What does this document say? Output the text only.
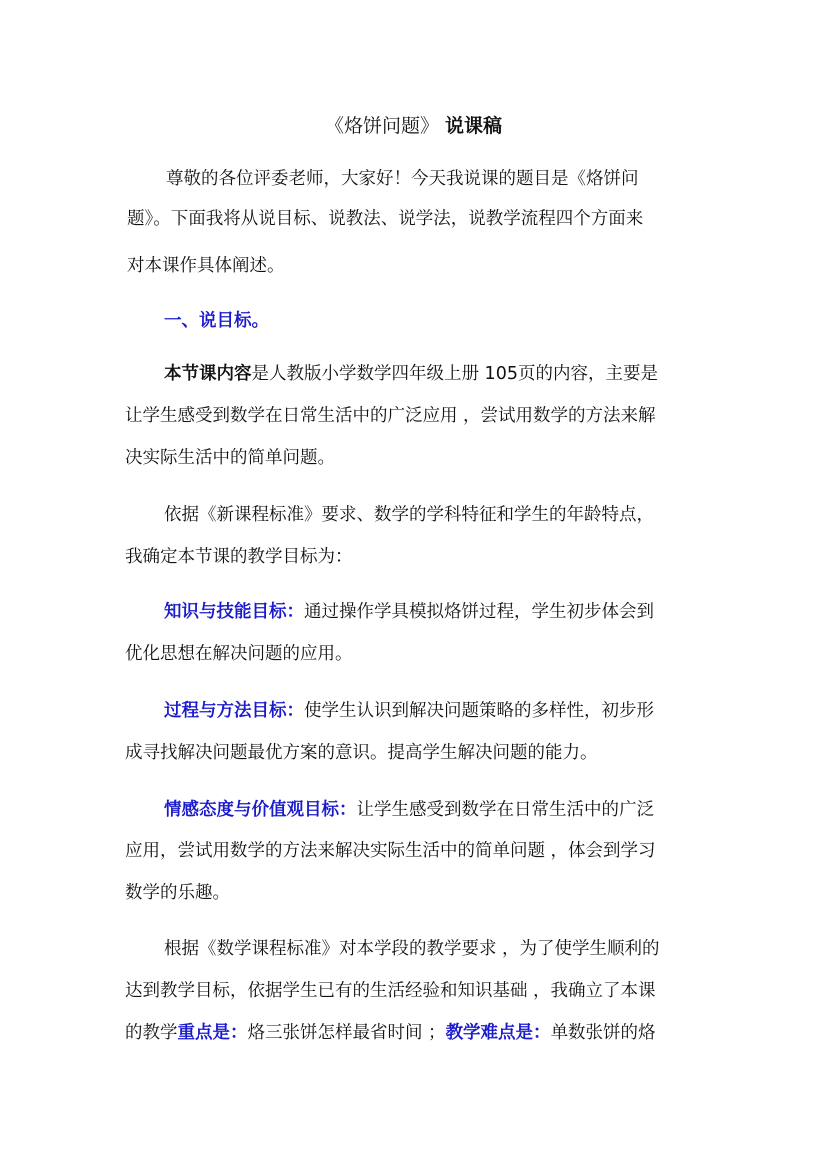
《烙饼问题》 说课稿
尊敬的各位评委老师，大家好！今天我说课的题目是《烙饼问
题》。下面我将从说目标、说教法、说学法，说教学流程四个方面来
对本课作具体阐述。
一、说目标。
本节课内容是人教版小学数学四年级上册 105页的内容，主要是
让学生感受到数学在日常生活中的广泛应用 ，尝试用数学的方法来解
决实际生活中的简单问题。
依据《新课程标准》要求、数学的学科特征和学生的年龄特点，
我确定本节课的教学目标为：
知识与技能目标：通过操作学具模拟烙饼过程，学生初步体会到
优化思想在解决问题的应用。
过程与方法目标：使学生认识到解决问题策略的多样性，初步形
成寻找解决问题最优方案的意识。提高学生解决问题的能力。
情感态度与价值观目标：让学生感受到数学在日常生活中的广泛
应用，尝试用数学的方法来解决实际生活中的简单问题 ，体会到学习
数学的乐趣。
根据《数学课程标准》对本学段的教学要求 ，为了使学生顺利的
达到教学目标，依据学生已有的生活经验和知识基础 ，我确立了本课
的教学重点是：烙三张饼怎样最省时间 ；教学难点是：单数张饼的烙
